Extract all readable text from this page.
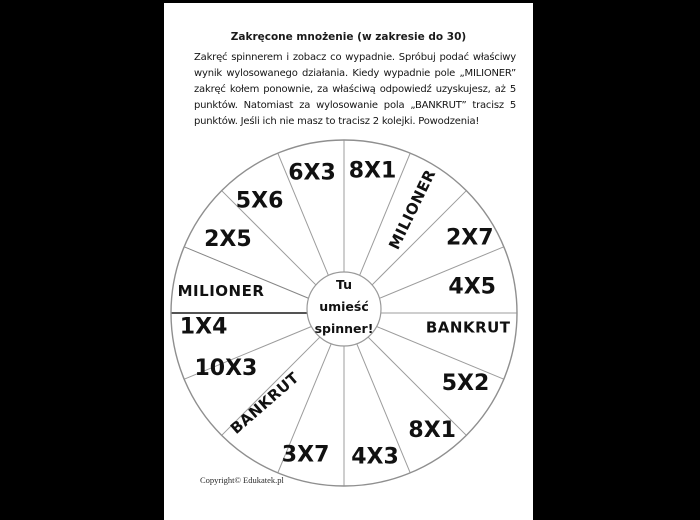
Zakręcone mnożenie (w zakresie do 30)
Zakręć spinnerem i zobacz co wypadnie. Spróbuj podać właściwy
wynik wylosowanego działania. Kiedy wypadnie pole „MILIONER”
zakręć kołem ponownie, za właściwą odpowiedź uzyskujesz, aż 5
punktów. Natomiast za wylosowanie pola „BANKRUT” tracisz 5
punktów. Jeśli ich nie masz to tracisz 2 kolejki. Powodzenia!
Tu
umieść
spinner!
8X1
MILIONER 2X7
4X5
BANKRUT
5X2
8X1
4X3
3X7
BANKRUT
10X3
1X4
MILIONER
2X5
5X6
6X3
Copyright© Edukatek.pl
